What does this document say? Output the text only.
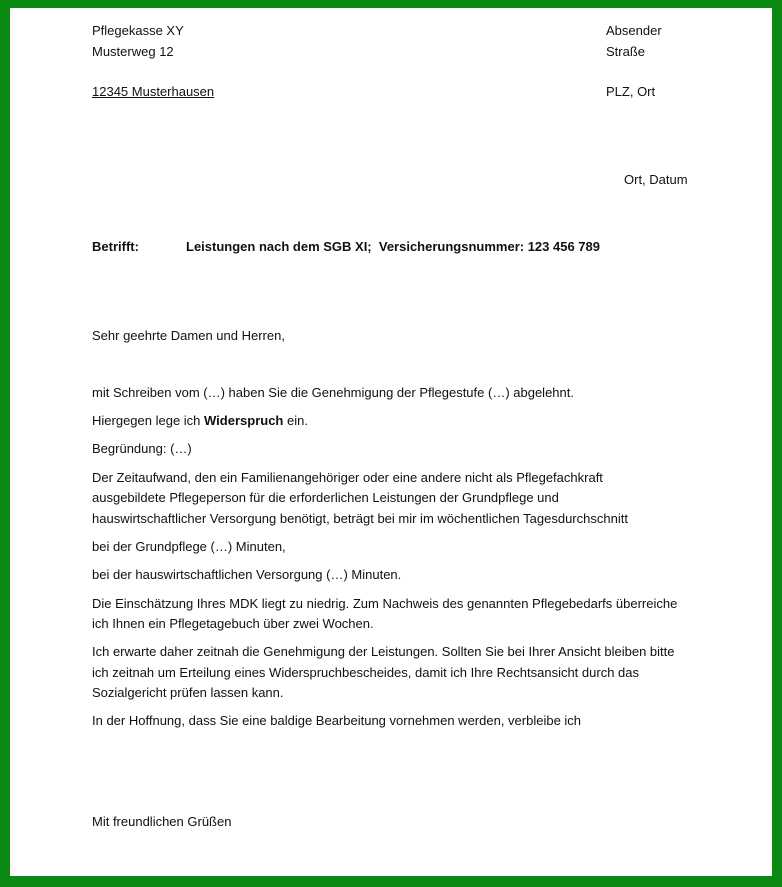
Pflegekasse XY
Musterweg 12
12345 Musterhausen
Absender
Straße
PLZ, Ort
Ort, Datum
Betrifft:	Leistungen nach dem SGB XI;  Versicherungsnummer: 123 456 789
Sehr geehrte Damen und Herren,
mit Schreiben vom (…) haben Sie die Genehmigung der Pflegestufe (…) abgelehnt.
Hiergegen lege ich Widerspruch ein.
Begründung: (…)
Der Zeitaufwand, den ein Familienangehöriger oder eine andere nicht als Pflegefachkraft
ausgebildete Pflegeperson für die erforderlichen Leistungen der Grundpflege und
hauswirtschaftlicher Versorgung benötigt, beträgt bei mir im wöchentlichen Tagesdurchschnitt
bei der Grundpflege (…) Minuten,
bei der hauswirtschaftlichen Versorgung (…) Minuten.
Die Einschätzung Ihres MDK liegt zu niedrig. Zum Nachweis des genannten Pflegebedarfs überreiche
ich Ihnen ein Pflegetagebuch über zwei Wochen.
Ich erwarte daher zeitnah die Genehmigung der Leistungen. Sollten Sie bei Ihrer Ansicht bleiben bitte
ich zeitnah um Erteilung eines Widerspruchbescheides, damit ich Ihre Rechtsansicht durch das
Sozialgericht prüfen lassen kann.
In der Hoffnung, dass Sie eine baldige Bearbeitung vornehmen werden, verbleibe ich
Mit freundlichen Grüßen
